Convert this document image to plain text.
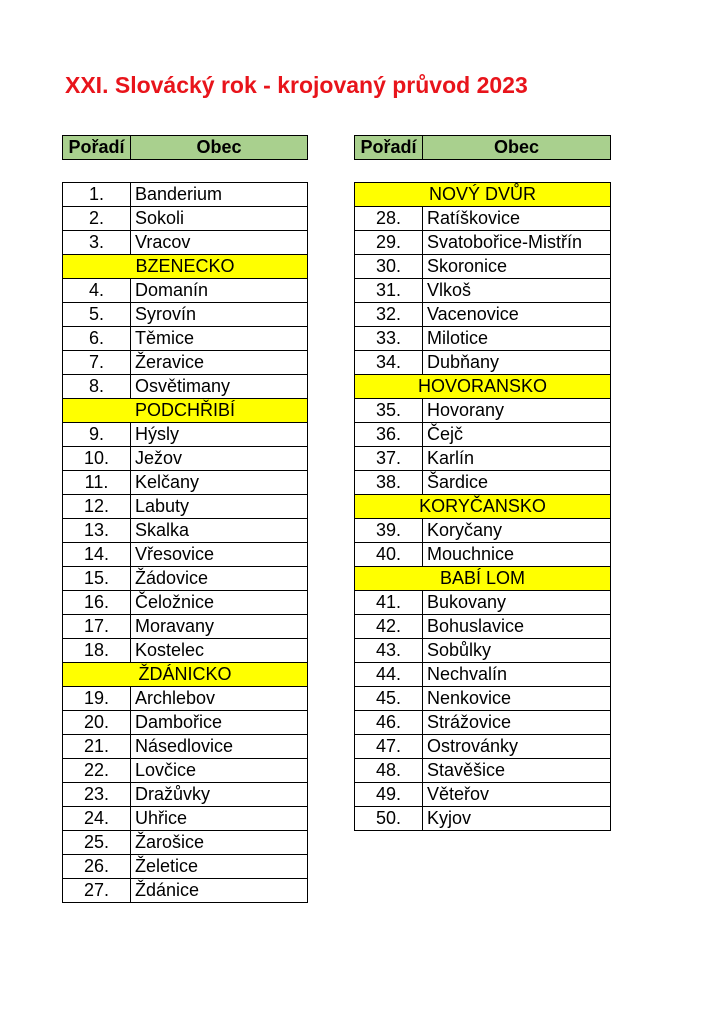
XXI. Slovácký rok - krojovaný průvod 2023
Pořadí	Obec	Pořadí	Obec
1.	Banderium
2.	Sokoli
3.	Vracov
BZENECKO	
4.	Domanín
5.	Syrovín
6.	Těmice
7.	Žeravice
8.	Osvětimany
PODCHŘIBÍ	
9.	Hýsly
10.	Ježov
11.	Kelčany
12.	Labuty
13.	Skalka
14.	Vřesovice
15.	Žádovice
16.	Čeložnice
17.	Moravany
18.	Kostelec
ŽDÁNICKO	
19.	Archlebov
20.	Dambořice
21.	Násedlovice
22.	Lovčice
23.	Dražůvky
24.	Uhřice
25.	Žarošice
26.	Želetice
27.	Ždánice
NOVÝ DVŮR	
28.	Ratíškovice
29.	Svatobořice-Mistřín
30.	Skoronice
31.	Vlkoš
32.	Vacenovice
33.	Milotice
34.	Dubňany
HOVORANSKO	
35.	Hovorany
36.	Čejč
37.	Karlín
38.	Šardice
KORYČANSKO	
39.	Koryčany
40.	Mouchnice
BABÍ LOM	
41.	Bukovany
42.	Bohuslavice
43.	Sobůlky
44.	Nechvalín
45.	Nenkovice
46.	Strážovice
47.	Ostrovánky
48.	Stavěšice
49.	Věteřov
50.	Kyjov
